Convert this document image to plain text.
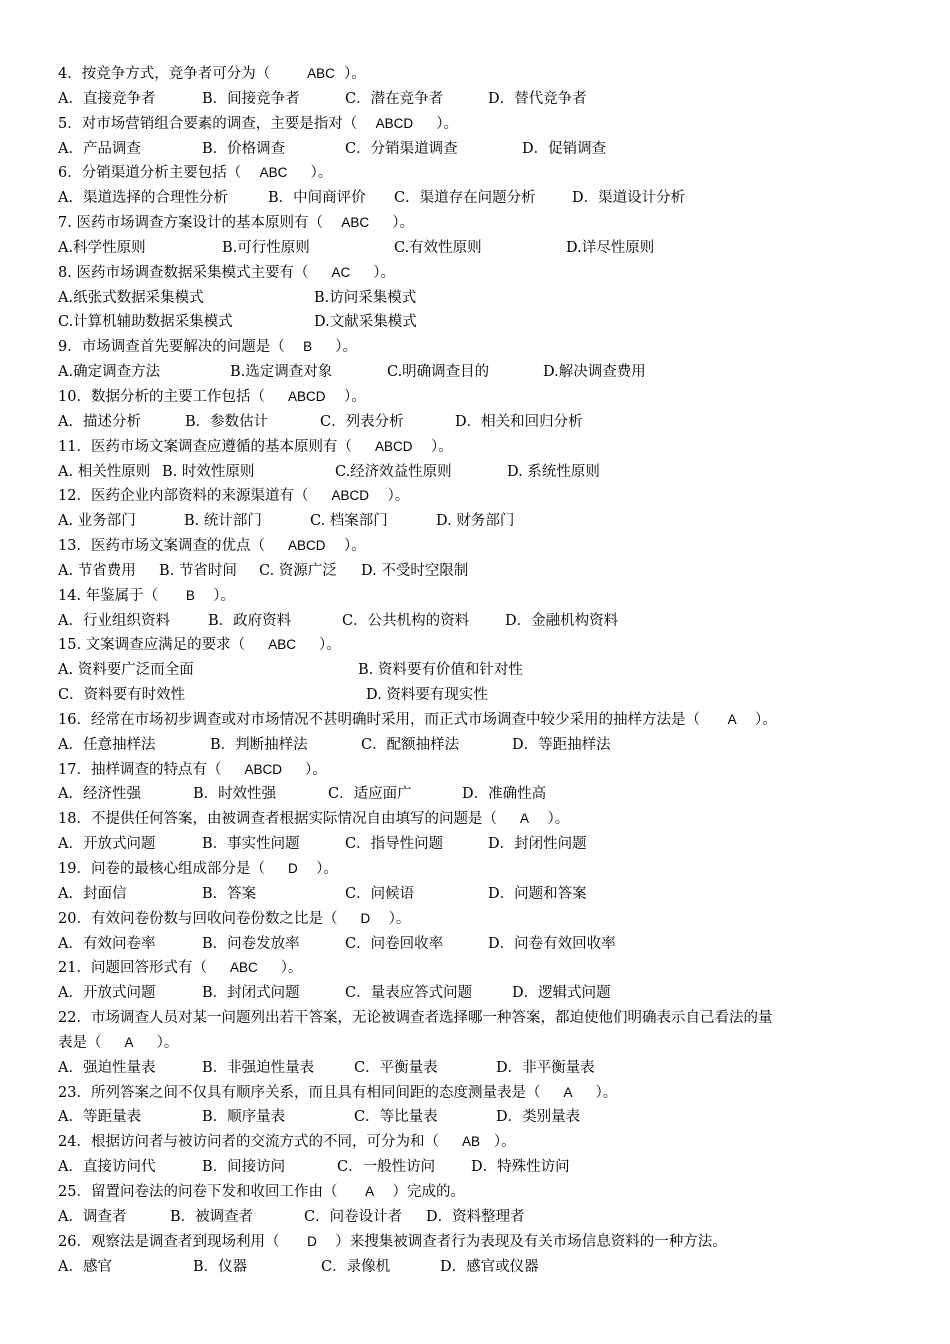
4．按竞争方式，竞争者可分为（        ABC  ）。
A．直接竞争者	B．间接竞争者	C．潜在竞争者	D．替代竞争者
5．对市场营销组合要素的调查，主要是指对（    ABCD     ）。
A．产品调查	B．价格调查	C．分销渠道调查	D．促销调查
6．分销渠道分析主要包括（    ABC     ）。
A．渠道选择的合理性分析	B．中间商评价 C．渠道存在问题分析	D．渠道设计分析
7. 医药市场调查方案设计的基本原则有（    ABC     ）。
A.科学性原则	B.可行性原则	C.有效性原则	D.详尽性原则
8. 医药市场调查数据采集模式主要有（     AC     ）。
A.纸张式数据采集模式	B.访问采集模式
C.计算机辅助数据采集模式	D.文献采集模式
9．市场调查首先要解决的问题是（    B     ）。
A.确定调查方法	B.选定调查对象	C.明确调查目的	D.解决调查费用
10．数据分析的主要工作包括（     ABCD    ）。
A．描述分析	B．参数估计	C．列表分析	D．相关和回归分析
11．医药市场文案调查应遵循的基本原则有（     ABCD    ）。
A. 相关性原则 B. 时效性原则	C.经济效益性原则	D. 系统性原则
12．医药企业内部资料的来源渠道有（     ABCD    ）。
A. 业务部门	B. 统计部门	C. 档案部门	D. 财务部门
13．医药市场文案调查的优点（     ABCD    ）。
A. 节省费用 B. 节省时间 C. 资源广泛 D. 不受时空限制
14. 年鉴属于（      B    ）。
A．行业组织资料	B．政府资料	C．公共机构的资料 D．金融机构资料
15. 文案调查应满足的要求（     ABC     ）。
A. 资料要广泛而全面	B. 资料要有价值和针对性
C．资料要有时效性	D. 资料要有现实性
16．经常在市场初步调查或对市场情况不甚明确时采用，而正式市场调查中较少采用的抽样方法是（      A    ）。
A．任意抽样法	B．判断抽样法	C．配额抽样法	D．等距抽样法
17．抽样调查的特点有（     ABCD     ）。
A．经济性强	B．时效性强	C．适应面广	D．准确性高
18．不提供任何答案，由被调查者根据实际情况自由填写的问题是（     A    ）。
A．开放式问题	B．事实性问题	C．指导性问题	D．封闭性问题
19．问卷的最核心组成部分是（     D    ）。
A．封面信	B．答案	C．问候语	D．问题和答案
20．有效问卷份数与回收问卷份数之比是（     D    ）。
A．有效问卷率	B．问卷发放率	C．问卷回收率	D．问卷有效回收率
21．问题回答形式有（     ABC     ）。
A．开放式问题	B．封闭式问题	C．量表应答式问题	D．逻辑式问题
22．市场调查人员对某一问题列出若干答案，无论被调查者选择哪一种答案，都迫使他们明确表示自己看法的量
表是（     A     ）。
A．强迫性量表	B．非强迫性量表	C．平衡量表	D．非平衡量表
23．所列答案之间不仅具有顺序关系，而且具有相同间距的态度测量表是（     A     ）。
A．等距量表	B．顺序量表	C．等比量表	D．类别量表
24．根据访问者与被访问者的交流方式的不同，可分为和（     AB   ）。
A．直接访问代	B．间接访问	C．一般性访问 D．特殊性访问
25．留置问卷法的问卷下发和收回工作由（      A    ）完成的。
A．调查者	B．被调查者	C．问卷设计者 D．资料整理者
26．观察法是调查者到现场利用（      D    ）来搜集被调查者行为表现及有关市场信息资料的一种方法。
A．感官	B．仪器	C．录像机	D．感官或仪器
